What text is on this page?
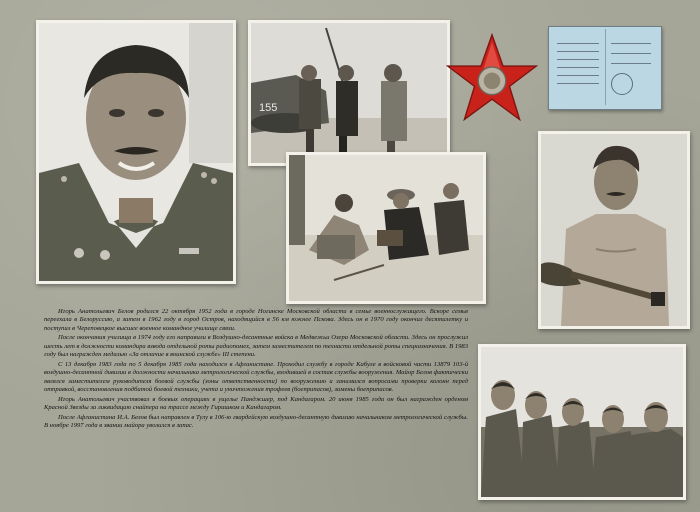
155

Игорь Анатольевич Белов родился 22 октября 1952 года в городе Ногинске Московской области в семье военнослужащего. Вскоре семья переехала в Белоруссию, а затем в 1962 году в город Остров, находящийся в 56 км южнее Пскова. Здесь он в 1970 году окончил десятилетку и поступил в Череповецкое высшее военное командное училище связи.

После окончания училища в 1974 году его направили в Воздушно-десантные войска в Медвежьи Озера Московской области. Здесь он прослужил шесть лет в должности командира взвода отдельной роты радиопомех, затем заместителем по технасти отдельной роты спецназначения. В 1983 году был награжден медалью «За отличие в воинской службе» III степени.

С 13 декабря 1983 года по 5 декабря 1985 года находился в Афганистане. Проходил службу в городе Кабуле в войсковой части 13879 103-й воздушно-десантной дивизии в должности начальника метрологической службы, входившей в состав службы вооружения. Майор Белов фактически являлся заместителем руководителя боевой службы (зоны ответственности) по вооружению и занимался вопросами проверки колонн перед отправкой, восстановления подбитой боевой техники, учета и уничтожения трофеев (боеприпасов), замены боеприпасов.

Игорь Анатольевич участвовал в боевых операциях в ущелье Панджшер, под Кандагаром. 20 июня 1985 года он был награжден орденом Красной Звезды за ликвидацию снайпера на трассе между Гиришком и Кандагаром.

После Афганистана И.А. Белов был направлен в Тулу в 106-ю гвардейскую воздушно-десантную дивизию начальником метрологической службы. В ноябре 1997 года в звании майора уволился в запас.
